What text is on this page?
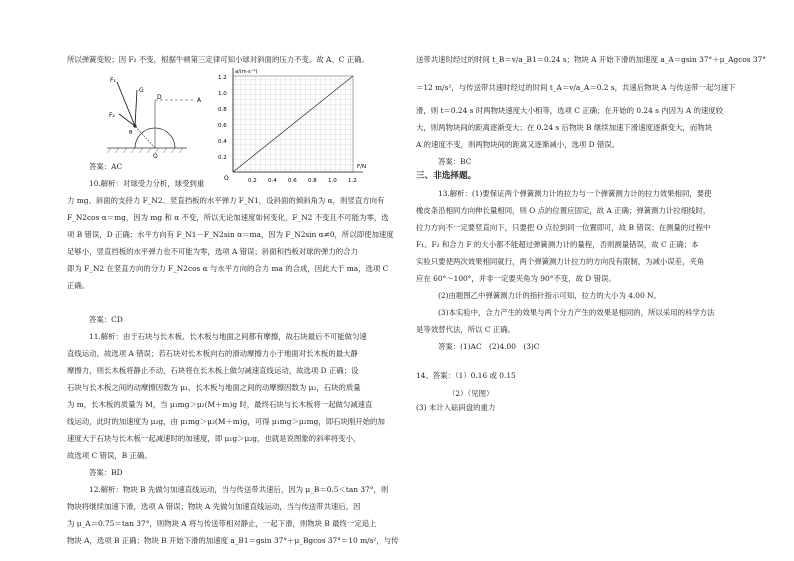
所以弹簧变短；因 F₂ 不变，根据牛顿第三定律可知小球对斜面的压力不变。故 A、C 正确。
F₁
G
F₂
D	A
θ
O
a/(m·s⁻²)
F/N
O
1.2
1.0
0.8
0.6
0.4
0.2
0.2 0.4 0.6 0.8 1.0 1.2
答案：AC
10.解析：对球受力分析，球受到重
力 mg、斜面的支持力 F_N2、竖直挡板的水平弹力 F_N1，设斜面的倾斜角为 α，则竖直方向有
F_N2cos α＝mg，因为 mg 和 α 不变，所以无论加速度如何变化，F_N2 不变且不可能为零，选
项 B 错误，D 正确；水平方向有 F_N1－F_N2sin α＝ma，因为 F_N2sin α≠0，所以即使加速度
足够小，竖直挡板的水平弹力也不可能为零，选项 A 错误；斜面和挡板对球的弹力的合力
即为 F_N2 在竖直方向的分力 F_N2cos α 与水平方向的合力 ma 的合成，因此大于 ma，选项 C
正确。
答案：CD
11.解析：由于石块与长木板、长木板与地面之间都有摩擦，故石块最后不可能做匀速
直线运动，故选项 A 错误；若石块对长木板向右的滑动摩擦力小于地面对长木板的最大静
摩擦力，则长木板将静止不动，石块将在长木板上做匀减速直线运动，故选项 D 正确；设
石块与长木板之间的动摩擦因数为 μ₁，长木板与地面之间的动摩擦因数为 μ₂，石块的质量
为 m，长木板的质量为 M，当 μ₁mg＞μ₂(M＋m)g 时，最终石块与长木板将一起做匀减速直
线运动，此时的加速度为 μ₂g，由 μ₁mg＞μ₂(M＋m)g，可得 μ₁mg＞μ₂mg，即石块刚开始的加
速度大于石块与长木板一起减速时的加速度，即 μ₁g＞μ₂g，也就是说图象的斜率将变小，
故选项 C 错误，B 正确。
答案：BD
12.解析：物块 B 先做匀加速直线运动，当与传送带共速后，因为 μ_B＝0.5＜tan 37°，则
物块将继续加速下滑，选项 A 错误；物块 A 先做匀加速直线运动，当与传送带共速后，因
为 μ_A＝0.75＝tan 37°，则物块 A 将与传送带相对静止，一起下滑，则物块 B 最终一定追上
物块 A，选项 B 正确；物块 B 开始下滑的加速度 a_B1＝gsin 37°＋μ_Bgcos 37°＝10 m/s²，与传
送带共速时经过的时间 t_B＝v/a_B1＝0.24 s；物块 A 开始下滑的加速度 a_A＝gsin 37°＋μ_Agcos 37°
＝12 m/s²，与传送带共速时经过的时间 t_A＝v/a_A＝0.2 s，共速后物块 A 与传送带一起匀速下
滑，则 t＝0.24 s 时两物块速度大小相等，选项 C 正确；在开始的 0.24 s 内因为 A 的速度较
大，则两物块间的距离逐渐变大；在 0.24 s 后物块 B 继续加速下滑速度逐渐变大，而物块
A 的速度不变，则两物块间的距离又逐渐减小，选项 D 错误。
答案：BC
三、非选择题。
13.解析：(1)要保证两个弹簧测力计的拉力与一个弹簧测力计的拉力效果相同，要使
橡皮条沿相同方向伸长量相同，则 O 点的位置应固定，故 A 正确；弹簧测力计拉细线时，
拉力方向不一定要竖直向下，只要把 O 点拉到同一位置即可，故 B 错误；在测量的过程中
F₁、F₂ 和合力 F 的大小都不能超过弹簧测力计的量程，否则测量错误，故 C 正确；本
实验只要使两次效果相同就行，两个弹簧测力计拉力的方向没有限制，为减小误差，夹角
应在 60°～100°，并非一定要夹角为 90°不变，故 D 错误。
(2)由题图乙中弹簧测力计的指针指示可知，拉力的大小为 4.00 N。
(3)本实验中，合力产生的效果与两个分力产生的效果是相同的，所以采用的科学方法
是等效替代法，所以 C 正确。
答案：(1)AC　(2)4.00　(3)C
14、答案：（1）0.16 或 0.15
（2）（见图）
(3) 未计入砝码盘的重力
